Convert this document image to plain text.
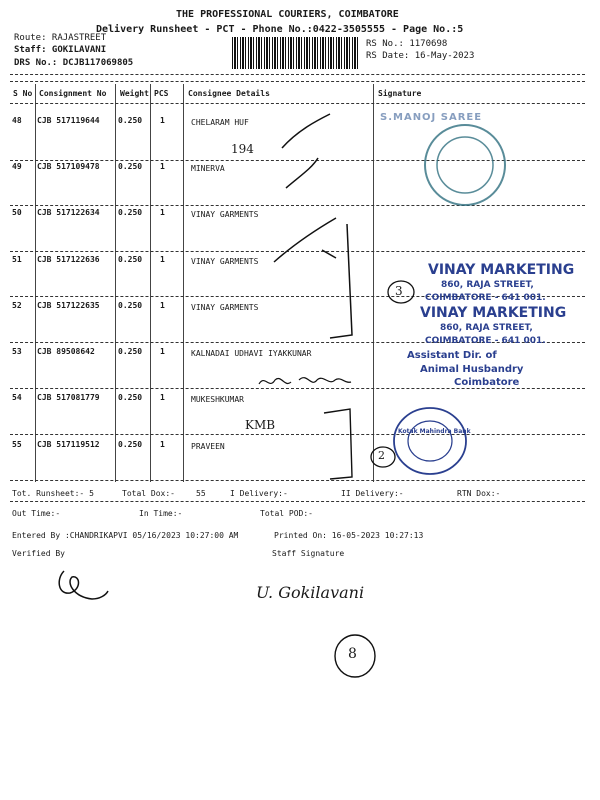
THE PROFESSIONAL COURIERS, COIMBATORE
Delivery Runsheet - PCT - Phone No.:0422-3505555 - Page No.:5
Route: RAJASTREET
Staff: GOKILAVANI
DRS No.: DCJB117069805
RS No.: 1170698
RS Date: 16-May-2023
S No Consignment No Weight PCS Consignee Details	Signature
48 CJB 517119644 0.250 1	CHELARAM HUF
49 CJB 517109478 0.250 1	MINERVA
50 CJB 517122634 0.250 1	VINAY GARMENTS
51 CJB 517122636 0.250 1	VINAY GARMENTS
52 CJB 517122635 0.250 1	VINAY GARMENTS
53 CJB 89508642	0.250 1	KALNADAI UDHAVI IYAKKUNAR
54 CJB 517081779 0.250 1	MUKESHKUMAR
55 CJB 517119512 0.250 1	PRAVEEN
Tot. Runsheet:- 5	Total Dox:-	55	I Delivery:-	II Delivery:-	RTN Dox:-
Out Time:-	In Time:-	Total POD:-
Entered By :CHANDRIKAPVI 05/16/2023 10:27:00 AM	Printed On: 16-05-2023 10:27:13
Verified By	Staff Signature
S.MANOJ SAREE
VINAY MARKETING
860, RAJA STREET,
COIMBATORE - 641 001.
VINAY MARKETING
860, RAJA STREET,
COIMBATORE - 641 001.
Assistant Dir. of
Animal Husbandry
Coimbatore
Kotak Mahindra Bank
194
3
KMB
2
U. Gokilavani
8
